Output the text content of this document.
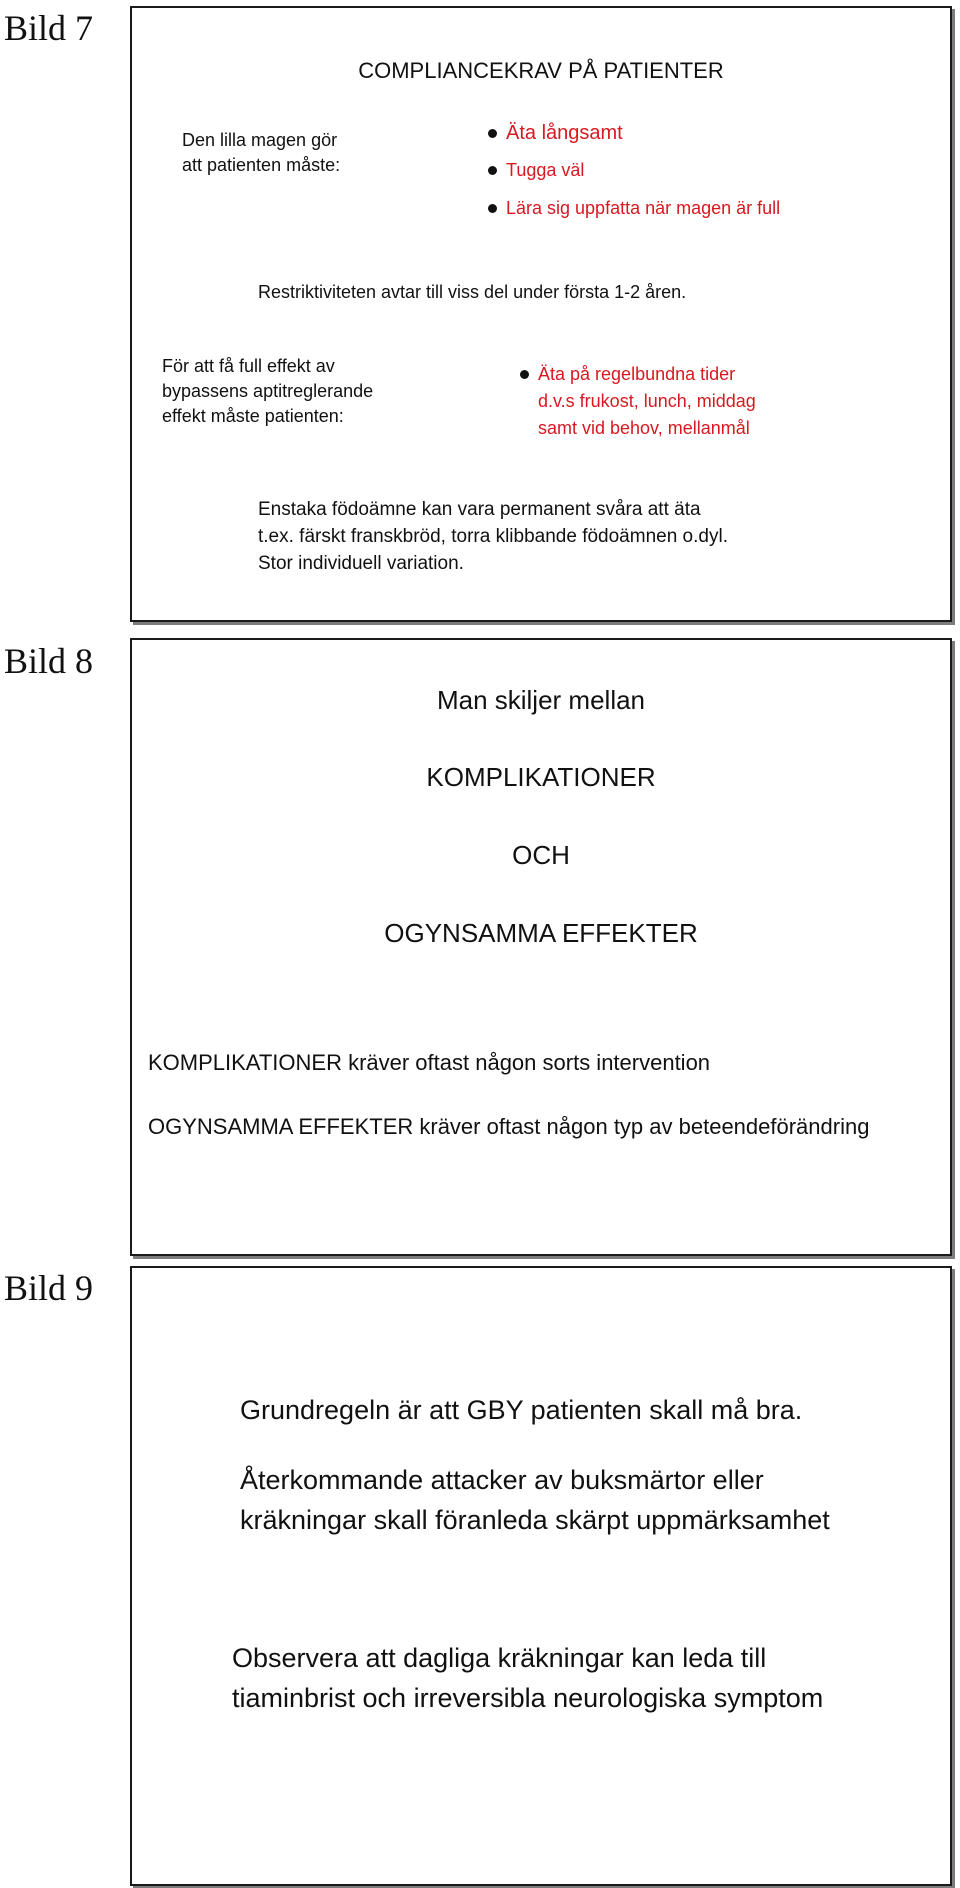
Bild 7
COMPLIANCEKRAV PÅ PATIENTER
Den lilla magen gör
att patienten måste:
Äta långsamt
Tugga väl
Lära sig uppfatta när magen är full
Restriktiviteten avtar till viss del under första 1-2 åren.
För att få full effekt av
bypassens aptitreglerande
effekt måste patienten:
Äta på regelbundna tider
d.v.s frukost, lunch, middag
samt vid behov, mellanmål
Enstaka födoämne kan vara permanent svåra att äta
t.ex. färskt franskbröd, torra klibbande födoämnen o.dyl.
Stor individuell variation.
Bild 8
Man skiljer mellan
KOMPLIKATIONER
OCH
OGYNSAMMA EFFEKTER
KOMPLIKATIONER kräver oftast någon sorts intervention
OGYNSAMMA EFFEKTER kräver oftast någon typ av beteendeförändring
Bild 9
Grundregeln är att GBY patienten skall må bra.
Återkommande attacker av buksmärtor eller
kräkningar skall föranleda skärpt uppmärksamhet
Observera att dagliga kräkningar kan leda till
tiaminbrist och irreversibla neurologiska symptom
